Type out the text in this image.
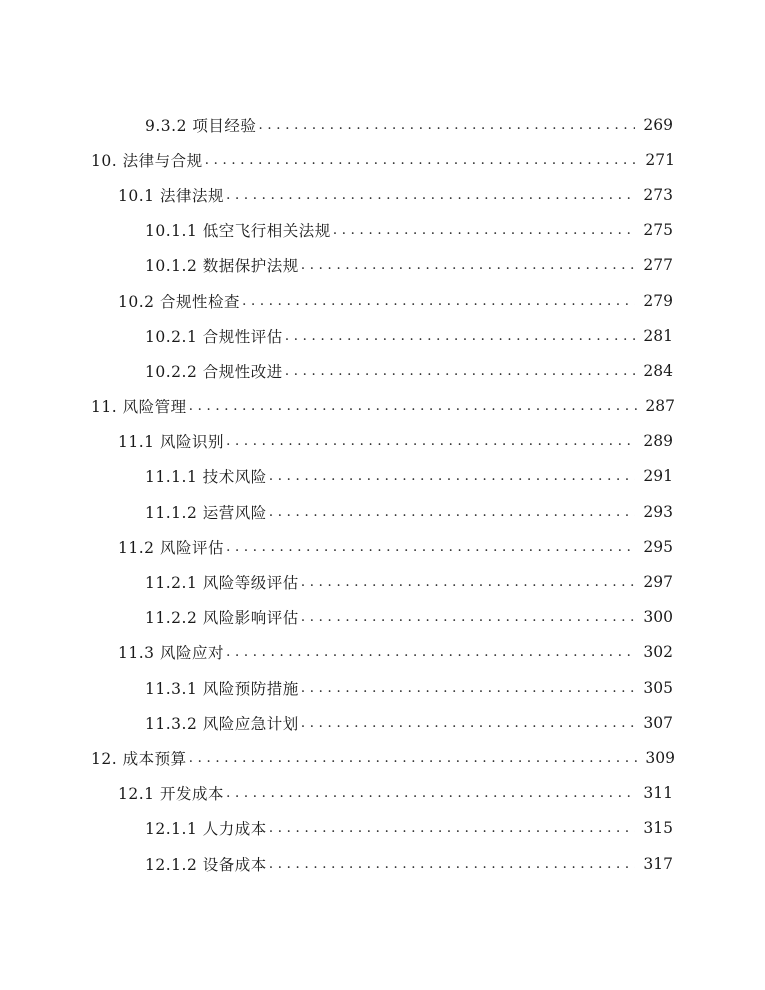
9.3.2 项目经验 . . .	269
10. 法律与合规 . . .	271
10.1 法律法规 . . .	273
10.1.1 低空飞行相关法规 . . .	275
10.1.2 数据保护法规 . . .	277
10.2 合规性检查 . . .	279
10.2.1 合规性评估 . . .	281
10.2.2 合规性改进 . . .	284
11. 风险管理 . . .	287
11.1 风险识别 . . .	289
11.1.1 技术风险 . . .	291
11.1.2 运营风险 . . .	293
11.2 风险评估 . . .	295
11.2.1 风险等级评估 . . .	297
11.2.2 风险影响评估 . . .	300
11.3 风险应对 . . .	302
11.3.1 风险预防措施 . . .	305
11.3.2 风险应急计划 . . .	307
12. 成本预算 . . .	309
12.1 开发成本 . . .	311
12.1.1 人力成本 . . .	315
12.1.2 设备成本 . . .	317
